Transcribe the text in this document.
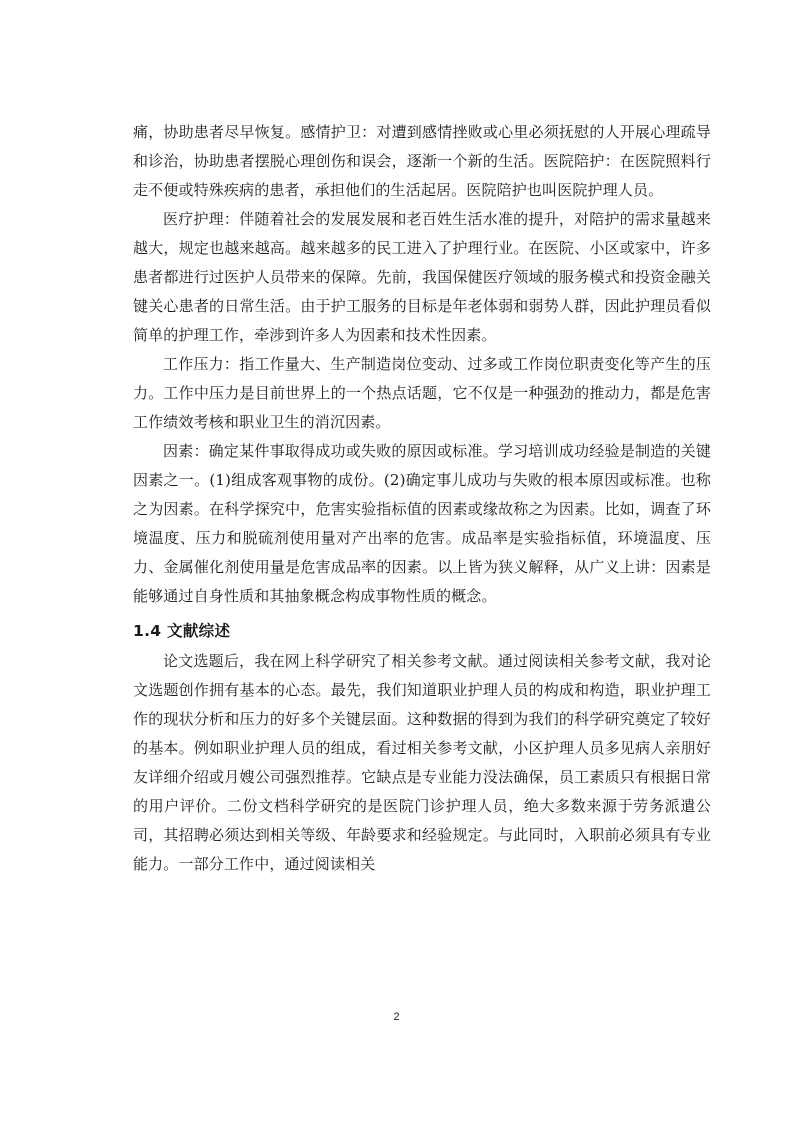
痛，协助患者尽早恢复。感情护卫：对遭到感情挫败或心里必须抚慰的人开展心理疏导和诊治，协助患者摆脱心理创伤和误会，逐渐一个新的生活。医院陪护：在医院照料行走不便或特殊疾病的患者，承担他们的生活起居。医院陪护也叫医院护理人员。

医疗护理：伴随着社会的发展发展和老百姓生活水准的提升，对陪护的需求量越来越大，规定也越来越高。越来越多的民工进入了护理行业。在医院、小区或家中，许多患者都进行过医护人员带来的保障。先前，我国保健医疗领域的服务模式和投资金融关键关心患者的日常生活。由于护工服务的目标是年老体弱和弱势人群，因此护理员看似简单的护理工作，牵涉到许多人为因素和技术性因素。

工作压力：指工作量大、生产制造岗位变动、过多或工作岗位职责变化等产生的压力。工作中压力是目前世界上的一个热点话题，它不仅是一种强劲的推动力，都是危害工作绩效考核和职业卫生的消沉因素。

因素：确定某件事取得成功或失败的原因或标准。学习培训成功经验是制造的关键因素之一。(1)组成客观事物的成份。(2)确定事儿成功与失败的根本原因或标准。也称之为因素。在科学探究中，危害实验指标值的因素或缘故称之为因素。比如，调查了环境温度、压力和脱硫剂使用量对产出率的危害。成品率是实验指标值，环境温度、压力、金属催化剂使用量是危害成品率的因素。以上皆为狭义解释，从广义上讲：因素是能够通过自身性质和其抽象概念构成事物性质的概念。

1.4 文献综述

论文选题后，我在网上科学研究了相关参考文献。通过阅读相关参考文献，我对论文选题创作拥有基本的心态。最先，我们知道职业护理人员的构成和构造，职业护理工作的现状分析和压力的好多个关键层面。这种数据的得到为我们的科学研究奠定了较好的基本。例如职业护理人员的组成，看过相关参考文献，小区护理人员多见病人亲朋好友详细介绍或月嫂公司强烈推荐。它缺点是专业能力没法确保，员工素质只有根据日常的用户评价。二份文档科学研究的是医院门诊护理人员，绝大多数来源于劳务派遣公司，其招聘必须达到相关等级、年龄要求和经验规定。与此同时，入职前必须具有专业能力。一部分工作中，通过阅读相关

2
